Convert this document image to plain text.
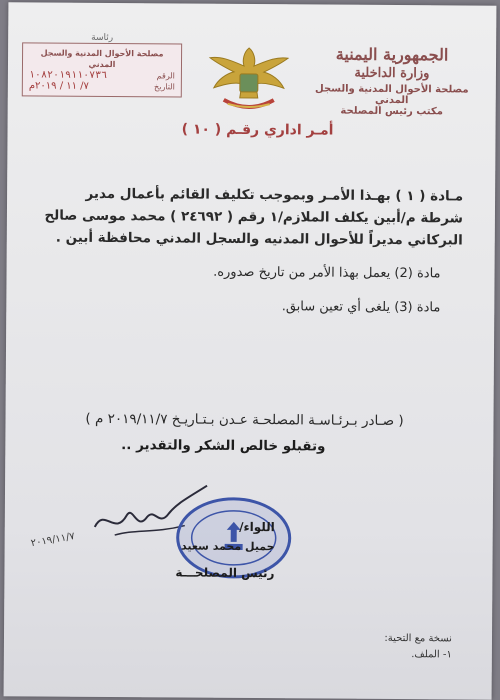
رئاسة
مصلحة الأحوال المدنية والسجل المدني
١٠٨٢٠١٩١١٠٧٣٦	الرقم
٧/ ١١ / ٢٠١٩م	التاريخ
الجمهورية اليمنية
وزارة الداخلية
مصلحة الأحوال المدنية والسجل المدني
مكتب رئيس المصلحة
أمـر اداري رقـم ( ١٠ )

مـادة ( ١ ) بهـذا الأمـر وبموجب تكليف القائم بأعمال مدير شرطة م/أبين يكلف الملازم/١ رقم ( ٢٤٦٩٢ ) محمد موسى صالح البركاني مديراً للأحوال المدنيه والسجل المدني محافظة أبين .

مادة (2) يعمل بهذا الأمر من تاريخ صدوره.

مادة (3) يلغى أي تعين سابق.

( صـادر بـرئـاسـة المصلحـة عـدن بـتـاريـخ ٢٠١٩/١١/٧ م )
وتقبلو خالص الشكر والتقدير ..
٢٠١٩/١١/٧
اللواء/
جميل محمد سعيد
رئيس المصلحـــة
نسخة مع التحية:
١- الملف.
